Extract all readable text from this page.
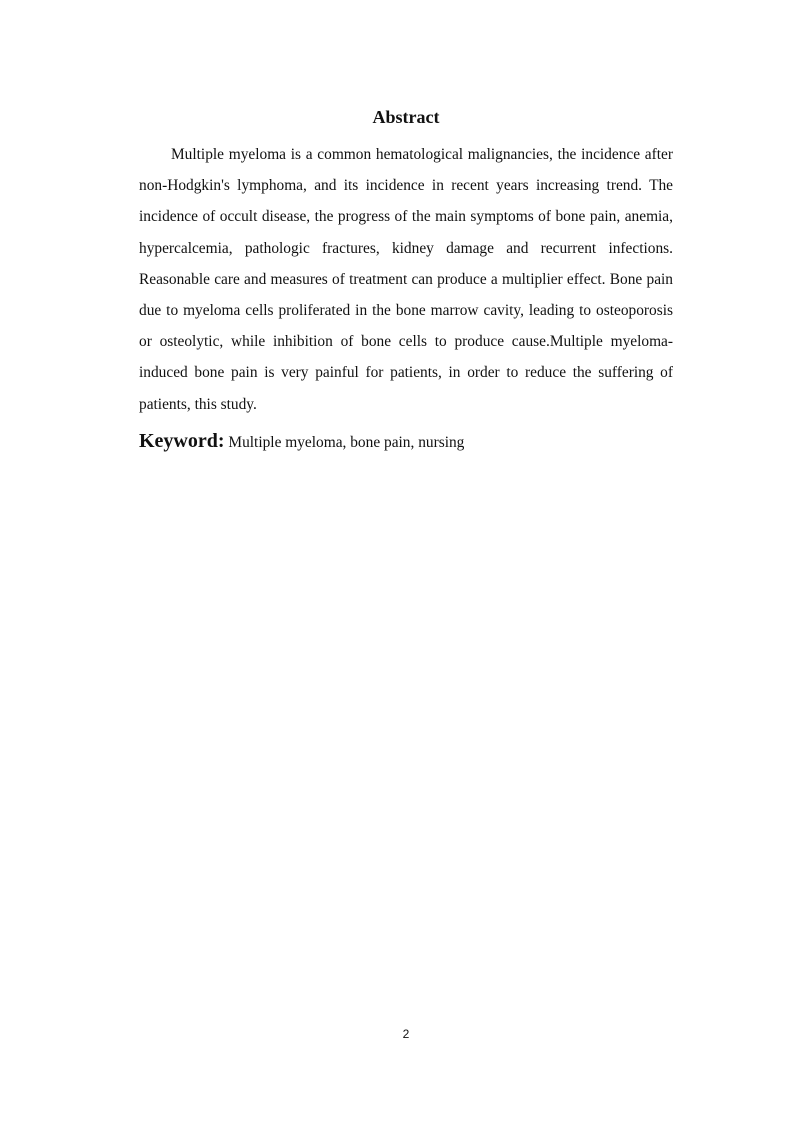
Abstract

Multiple myeloma is a common hematological malignancies, the incidence after non-Hodgkin's lymphoma, and its incidence in recent years increasing trend. The incidence of occult disease, the progress of the main symptoms of bone pain, anemia, hypercalcemia, pathologic fractures, kidney damage and recurrent infections. Reasonable care and measures of treatment can produce a multiplier effect. Bone pain due to myeloma cells proliferated in the bone marrow cavity, leading to osteoporosis or osteolytic, while inhibition of bone cells to produce cause.Multiple myeloma-induced bone pain is very painful for patients, in order to reduce the suffering of patients, this study.

Keyword: Multiple myeloma, bone pain, nursing
2
